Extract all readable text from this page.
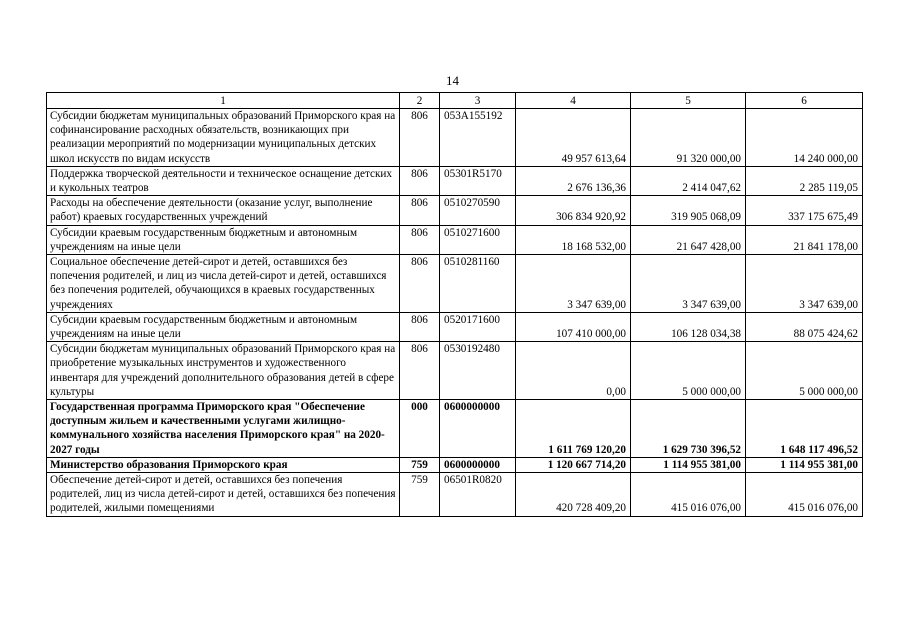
14
1	2	3	4	5	6
Субсидии бюджетам муниципальных образований Приморского края на софинансирование расходных обязательств, возникающих при реализации мероприятий по модернизации муниципальных детских школ искусств по видам искусств	806	053A155192	49 957 613,64	91 320 000,00	14 240 000,00
Поддержка творческой деятельности и техническое оснащение детских и кукольных театров	806	05301R5170	2 676 136,36	2 414 047,62	2 285 119,05
Расходы на обеспечение деятельности (оказание услуг, выполнение работ) краевых государственных учреждений	806	0510270590	306 834 920,92	319 905 068,09	337 175 675,49
Субсидии краевым государственным бюджетным и автономным учреждениям на иные цели	806	0510271600	18 168 532,00	21 647 428,00	21 841 178,00
Социальное обеспечение детей-сирот и детей, оставшихся без попечения родителей, и лиц из числа детей-сирот и детей, оставшихся без попечения родителей, обучающихся в краевых государственных учреждениях	806	0510281160	3 347 639,00	3 347 639,00	3 347 639,00
Субсидии краевым государственным бюджетным и автономным учреждениям на иные цели	806	0520171600	107 410 000,00	106 128 034,38	88 075 424,62
Субсидии бюджетам муниципальных образований Приморского края на приобретение музыкальных инструментов и художественного инвентаря для учреждений дополнительного образования детей в сфере культуры	806	0530192480	0,00	5 000 000,00	5 000 000,00
Государственная программа Приморского края "Обеспечение доступным жильем и качественными услугами жилищно-коммунального хозяйства населения Приморского края" на 2020-2027 годы	000	0600000000	1 611 769 120,20	1 629 730 396,52	1 648 117 496,52
Министерство образования Приморского края	759	0600000000	1 120 667 714,20	1 114 955 381,00	1 114 955 381,00
Обеспечение детей-сирот и детей, оставшихся без попечения родителей, лиц из числа детей-сирот и детей, оставшихся без попечения родителей, жилыми помещениями	759	06501R0820	420 728 409,20	415 016 076,00	415 016 076,00
